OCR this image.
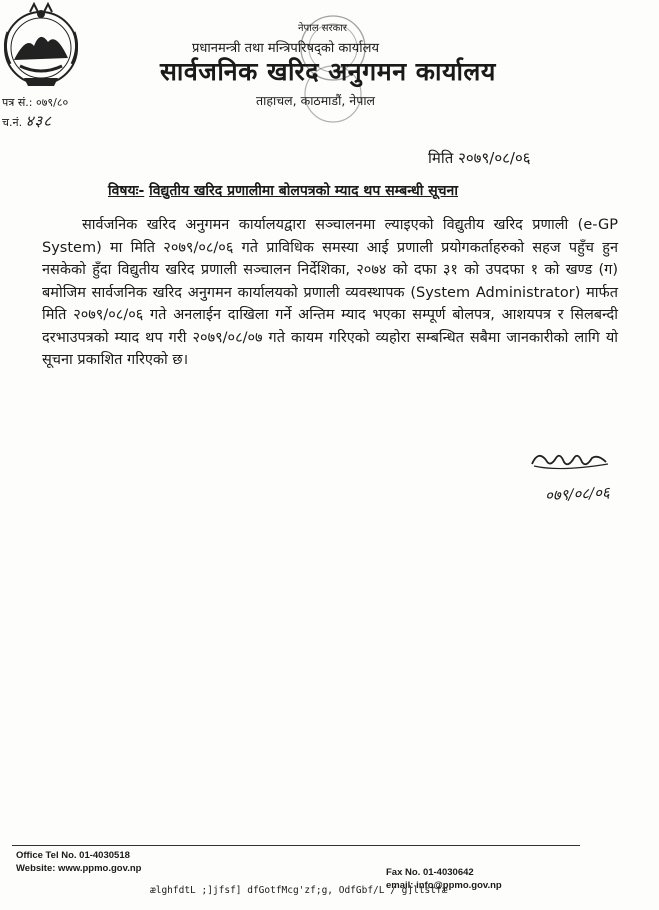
पत्र सं.: ०७९/८०
च.नं. ४३८
नेपाल सरकार
प्रधानमन्त्री तथा मन्त्रिपरिषद्को कार्यालय
सार्वजनिक खरिद अनुगमन कार्यालय
ताहाचल, काठमाडौं, नेपाल
मिति २०७९/०८/०६
विषयः- विद्युतीय खरिद प्रणालीमा बोलपत्रको म्याद थप सम्बन्धी सूचना
सार्वजनिक खरिद अनुगमन कार्यालयद्वारा सञ्चालनमा ल्याइएको विद्युतीय खरिद प्रणाली (e-GP System) मा मिति २०७९/०८/०६ गते प्राविधिक समस्या आई प्रणाली प्रयोगकर्ताहरुको सहज पहुँच हुन नसकेको हुँदा विद्युतीय खरिद प्रणाली सञ्चालन निर्देशिका, २०७४ को दफा ३१ को उपदफा १ को खण्ड (ग) बमोजिम सार्वजनिक खरिद अनुगमन कार्यालयको प्रणाली व्यवस्थापक (System Administrator) मार्फत मिति २०७९/०८/०६ गते अनलाईन दाखिला गर्ने अन्तिम म्याद भएका सम्पूर्ण बोलपत्र, आशयपत्र र सिलबन्दी दरभाउपत्रको म्याद थप गरी २०७९/०८/०७ गते कायम गरिएको व्यहोरा सम्बन्धित सबैमा जानकारीको लागि यो सूचना प्रकाशित गरिएको छ।
०७९/०८/०६
Office Tel No. 01-4030518
Website: www.ppmo.gov.np	Fax No. 01-4030642
email: info@ppmo.gov.np
ælghfdtL ;]jfsf] dfGotfMcg'zf;g, OdfGbf/L / g]ltstfæ
